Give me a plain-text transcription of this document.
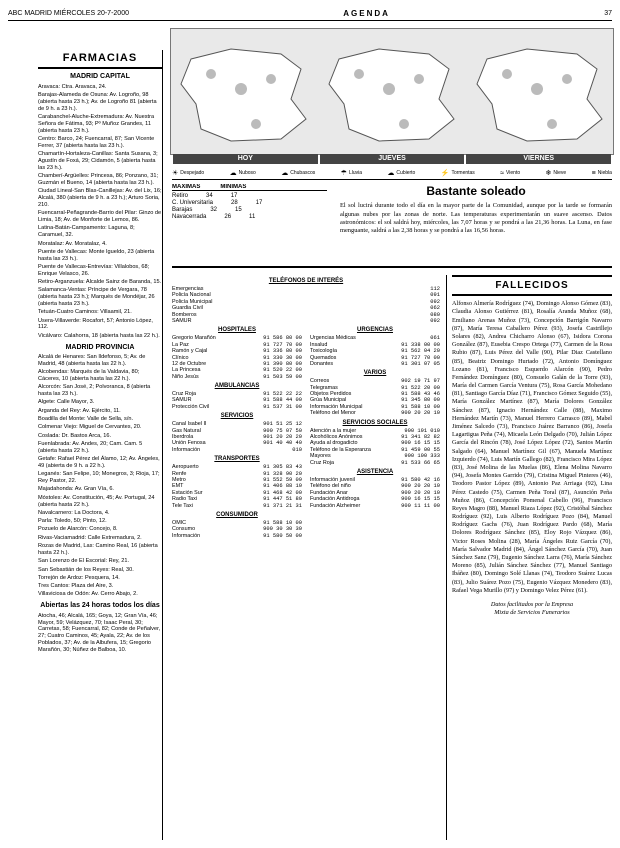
ABC MADRID MIÉRCOLES 20-7-2000	AGENDA	37
FARMACIAS
MADRID CAPITAL

Aravaca: Ctra. Aravaca, 24.

Barajas-Alameda de Osuna: Av. Logroño, 98 (abierta hasta 23 h.); Av. de Logroño 81 (abierta de 9 h. a 23 h.).

Carabanchel-Aluche-Extremadura: Av. Nuestra Señora de Fátima, 93; Pº Muñoz Grandes, 11 (abierta hasta 23 h.).

Centro: Barco, 24; Fuencarral, 87; San Vicente Ferrer, 37 (abierta hasta las 23 h.).

Chamartín-Hortaleza-Canillas: Santa Susana, 3; Agustín de Foxá, 29; Cidamón, 5 (abierta hasta las 23 h.).

Chamberí-Argüelles: Princesa, 86; Ponzano, 31; Guzmán el Bueno, 14 (abierta hasta las 23 h.).

Ciudad Lineal-San Blas-Canillejas: Av. del Lix, 16; Alcalá, 380 (abierta de 9 h. a 23 h.); Arturo Soria, 210.

Fuencarral-Peñagrande-Barrio del Pilar: Ginzo de Limia, 18; Av. de Monforte de Lemos, 86.

Latina-Batán-Campamento: Laguna, 8; Caramuel, 32.

Moratalaz: Av. Moratalaz, 4.

Puente de Vallecas: Monte Igueldo, 23 (abierta hasta las 23 h.).

Puente de Vallecas-Entrevías: Villalobos, 68; Enrique Velasco, 26.

Retiro-Arganzuela: Alcalde Sainz de Baranda, 15.

Salamanca-Ventas: Príncipe de Vergara, 78 (abierta hasta 23 h.); Marqués de Mondéjar, 26 (abierta hasta 23 h.).

Tetuán-Cuatro Caminos: Villaamil, 21.

Usera-Villaverde: Rocafort, 57; Antonio López, 112.

Vicálvaro: Calahorra, 18 (abierta hasta las 22 h.).

MADRID PROVINCIA

Alcalá de Henares: San Ildefonso, 5; Av. de Madrid, 48 (abierta hasta las 22 h.).

Alcobendas: Marqués de la Valdavia, 80; Cáceres, 10 (abierta hasta las 22 h.).

Alcorcón: San José, 2; Polvoranca, 8 (abierta hasta las 23 h.).

Algete: Calle Mayor, 3.

Arganda del Rey: Av. Ejército, 11.

Boadilla del Monte: Valle de Sella, s/n.

Colmenar Viejo: Miguel de Cervantes, 20.

Coslada: Dr. Bastos Arca, 16.

Fuenlabrada: Av. Andes, 20; Cam. Cam. 5 (abierta hasta 22 h.).

Getafe: Rafael Pérez del Álamo, 12; Av. Ángeles, 49 (abierta de 9 h. a 22 h.).

Leganés: San Felipe, 10; Monegros, 3; Rioja, 17; Rey Pastor, 22.

Majadahonda: Av. Gran Vía, 6.

Móstoles: Av. Constitución, 45; Av. Portugal, 24 (abierta hasta 22 h.).

Navalcarnero: La Doctora, 4.

Parla: Toledo, 50; Pinto, 12.

Pozuelo de Alarcón: Concejo, 8.

Rivas-Vaciamadrid: Calle Extremadura, 2.

Rozas de Madrid, Las: Camino Real, 16 (abierta hasta 22 h.).

San Lorenzo de El Escorial: Rey, 21.

San Sebastián de los Reyes: Real, 30.

Torrejón de Ardoz: Pesquera, 14.

Tres Cantos: Plaza del Aire, 3.

Villaviciosa de Odón: Av. Cerro Abajo, 2.

Abiertas las 24 horas todos los días

Atocha, 46; Alcalá, 165; Goya, 12; Gran Vía, 46; Mayor, 59; Velázquez, 70; Isaac Peral, 30; Carretas, 58; Fuencarral, 82; Conde de Peñalver, 27; Cuatro Caminos, 45; Ayala, 22; Av. de los Poblados, 37; Av. de la Albufera, 15; Gregorio Marañón, 30; Núñez de Balboa, 10.

HOY	JUEVES	VIERNES
☀ Despejado	☁ Nuboso	☁ Chubascos	☂ Lluvia	☁ Cubierto	⚡ Tormentas	≈ Viento	❄ Nieve	≡ Niebla
MÁXIMAS	MÍNIMAS
Retiro	34	17
C. Universitaria	28	17
Barajas	32	15
Navacerrada	26	11
Bastante soleado

El sol lucirá durante todo el día en la mayor parte de la Comunidad, aunque por la tarde se formarán algunas nubes por las zonas de norte. Las temperaturas experimentarán un suave ascenso. Datos astronómicos: el sol saldrá hoy, miércoles, las 7,07 horas y se pondrá a las 21,36 horas. La Luna, en fase menguante, saldrá a las 2,38 horas y se pondrá a las 16,56 horas.

TELÉFONOS DE INTERÉS
Emergencias	112
Policía Nacional	091
Policía Municipal	092
Guardia Civil	062
Bomberos	080
SAMUR	092
HOSPITALES
Gregorio Marañón	91 586 80 00
La Paz	91 727 70 00
Ramón y Cajal	91 336 80 00
Clínico	91 330 30 00
12 de Octubre	91 390 80 00
La Princesa	91 520 22 00
Niño Jesús	91 503 59 00
AMBULANCIAS
Cruz Roja	91 522 22 22
SAMUR	91 588 44 00
Protección Civil	91 537 31 00
SERVICIOS
Canal Isabel II	901 51 25 12
Gas Natural	900 75 07 50
Iberdrola	901 20 20 20
Unión Fenosa	901 40 40 40
Información	010
TRANSPORTES
Aeropuerto	91 305 83 43
Renfe	91 328 90 20
Metro	91 552 59 09
EMT	91 406 88 10
Estación Sur	91 468 42 00
Radio Taxi	91 447 51 80
Tele Taxi	91 371 21 31
CONSUMIDOR
OMIC	91 588 10 00
Consumo	900 30 30 30
Información	91 580 50 00
URGENCIAS
Urgencias Médicas	061
Insalud	91 338 00 00
Toxicología	91 562 04 20
Quemados	91 727 70 00
Donantes	91 301 07 05
VARIOS
Correos	902 19 71 97
Telegramas	91 522 20 00
Objetos Perdidos	91 588 43 46
Grúa Municipal	91 345 80 00
Información Municipal	91 588 10 00
Teléfono del Menor	900 20 20 10
SERVICIOS SOCIALES
Atención a la mujer	900 191 010
Alcohólicos Anónimos	91 341 82 82
Ayuda al drogadicto	900 16 15 15
Teléfono de la Esperanza	91 459 00 55
Mayores	900 100 333
Cruz Roja	91 533 66 65
ASISTENCIA
Información juvenil	91 580 42 16
Teléfono del niño	900 20 20 10
Fundación Anar	900 20 20 10
Fundación Antidroga	900 16 15 15
Fundación Alzheimer	900 11 11 00
FALLECIDOS

Alfonso Almería Rodríguez (74), Domingo Alonso Gómez (83), Claudia Alonso Gutiérrez (81), Rosalía Aranda Muñoz (68), Emiliano Arenas Muñoz (73), Concepción Barrigón Navarro (87), María Teresa Caballero Pérez (93), Josefa Castrillejo Solares (82), Andrea Chicharro Alonso (67), Isidora Corona González (87), Eusebia Crespo Ortega (77), Carmen de la Rosa Rubio (87), Luis Pérez del Valle (90), Pilar Diaz Castellano (85), Beatriz Domingo Hurtado (72), Antonio Domínguez Lozano (81), Francisco Esquerdo Alarcón (90), Pedro Fernández Domínguez (80), Consuelo Galán de la Torre (93), María del Carmen García Ventura (75), Rosa García Mohedano (81), Santiago García Díaz (71), Francisco Gómez Seguido (55), María González Martínez (87), María Dolores González Sánchez (87), Ignacio Hernández Calle (88), Maximo Hernández Martín (73), Manuel Herrero Carrasco (89), Mabel Jiménez Salcedo (73), Francisco Juárez Barranco (86), Josefa Lagartigua Peña (74), Micaela León Delgado (70), Julián López García del Rincón (78), José López López (72), Santos Martín Salgado (64), Manuel Martínez Gil (67), Manuela Martínez Izquierdo (74), Luis Martín Gallego (82), Francisco Mira López (83), José Molina de las Muelas (86), Elena Molina Navarro (94), Josefa Montes Garrido (79), Cristina Miguel Pinteres (46), Teodoro Pastor López (89), Antonio Paz Arriaga (92), Lina Pérez Castedo (75), Carmen Peña Toral (87), Asunción Peña Muñoz (86), Concepción Pomenal Cabello (96), Francisco Reyes Magro (88), Manuel Riaza López (92), Cristóbal Sánchez Rodríguez (92), Luis Alberto Rodríguez Pozo (84), Manuel Rodríguez Gachs (76), Juan Rodríguez Pardo (68), María Dolores Rodríguez Sánchez (85), Eloy Rojo Vázquez (86), Victor Roses Molina (28), María Ángeles Ruiz García (70), María Salvador Madrid (84), Ángel Sánchez García (70), Juan Sánchez Sanz (79), Eugenio Sánchez Larra (76), María Sánchez Moreno (85), Julián Sánchez Sánchez (77), Manuel Santiago Ibáñez (80), Domingo Solé Llanas (74), Teodoro Suárez Lucas (83), Julio Suárez Pozo (75), Eugenio Vázquez Monedero (83), Rafael Vega Murillo (97) y Domingo Velez Pérez (61).

Datos facilitados por la Empresa
Mixta de Servicios Funerarios
